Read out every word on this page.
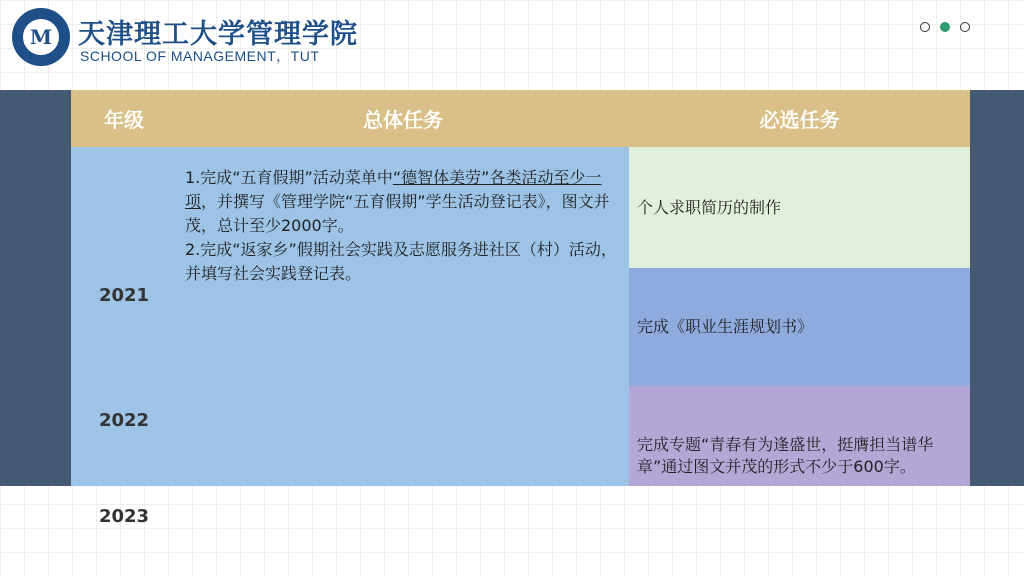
M 天津理工大学管理学院
SCHOOL OF MANAGEMENT，TUT
年级	总体任务	必选任务
2021
2022
2023

1.完成“五育假期”活动菜单中“德智体美劳”各类活动至少一项，并撰写《管理学院“五育假期”学生活动登记表》，图文并茂，总计至少2000字。

2.完成“返家乡”假期社会实践及志愿服务进社区（村）活动，并填写社会实践登记表。

个人求职简历的制作
完成《职业生涯规划书》
完成专题“青春有为逢盛世，挺膺担当谱华章”通过图文并茂的形式不少于600字。
